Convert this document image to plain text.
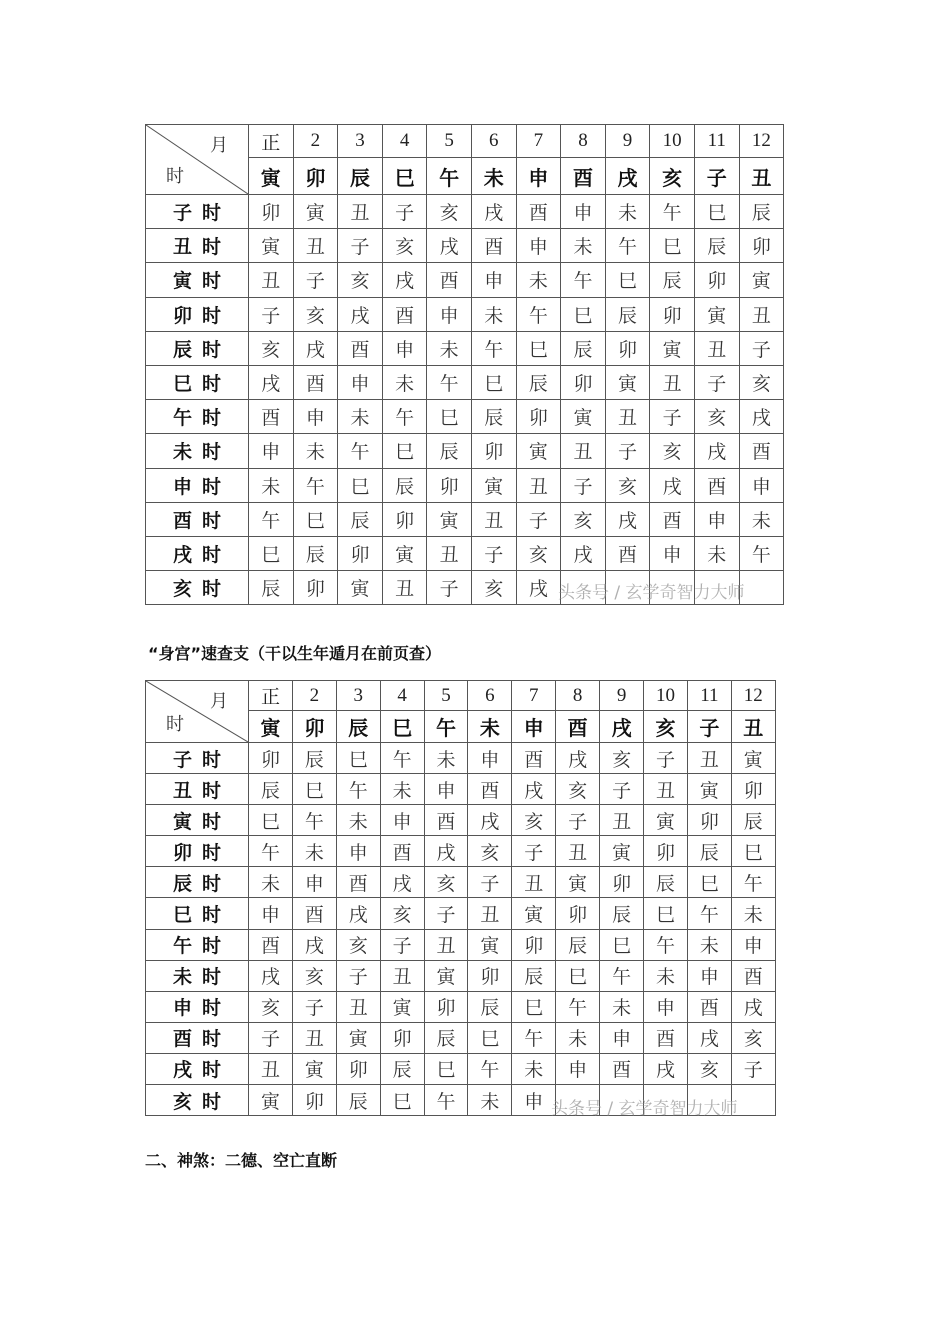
月
时	正	2	3	4	5	6	7	8	9	10	11	12
	寅	卯	辰	巳	午	未	申	酉	戌	亥	子	丑
子时	卯	寅	丑	子	亥	戌	酉	申	未	午	巳	辰
丑时	寅	丑	子	亥	戌	酉	申	未	午	巳	辰	卯
寅时	丑	子	亥	戌	酉	申	未	午	巳	辰	卯	寅
卯时	子	亥	戌	酉	申	未	午	巳	辰	卯	寅	丑
辰时	亥	戌	酉	申	未	午	巳	辰	卯	寅	丑	子
巳时	戌	酉	申	未	午	巳	辰	卯	寅	丑	子	亥
午时	酉	申	未	午	巳	辰	卯	寅	丑	子	亥	戌
未时	申	未	午	巳	辰	卯	寅	丑	子	亥	戌	酉
申时	未	午	巳	辰	卯	寅	丑	子	亥	戌	酉	申
酉时	午	巳	辰	卯	寅	丑	子	亥	戌	酉	申	未
戌时	巳	辰	卯	寅	丑	子	亥	戌	酉	申	未	午
亥时	辰	卯	寅	丑	子	亥	戌					头条号 / 玄学奇智力大师
“身宫”速查支（干以生年遁月在前页查）
月
时	正	2	3	4	5	6	7	8	9	10	11	12
	寅	卯	辰	巳	午	未	申	酉	戌	亥	子	丑
子时	卯	辰	巳	午	未	申	酉	戌	亥	子	丑	寅
丑时	辰	巳	午	未	申	酉	戌	亥	子	丑	寅	卯
寅时	巳	午	未	申	酉	戌	亥	子	丑	寅	卯	辰
卯时	午	未	申	酉	戌	亥	子	丑	寅	卯	辰	巳
辰时	未	申	酉	戌	亥	子	丑	寅	卯	辰	巳	午
巳时	申	酉	戌	亥	子	丑	寅	卯	辰	巳	午	未
午时	酉	戌	亥	子	丑	寅	卯	辰	巳	午	未	申
未时	戌	亥	子	丑	寅	卯	辰	巳	午	未	申	酉
申时	亥	子	丑	寅	卯	辰	巳	午	未	申	酉	戌
酉时	子	丑	寅	卯	辰	巳	午	未	申	酉	戌	亥
戌时	丑	寅	卯	辰	巳	午	未	申	酉	戌	亥	子
亥时	寅	卯	辰	巳	午	未	申					头条号 / 玄学奇智力大师
二、神煞：二德、空亡直断
